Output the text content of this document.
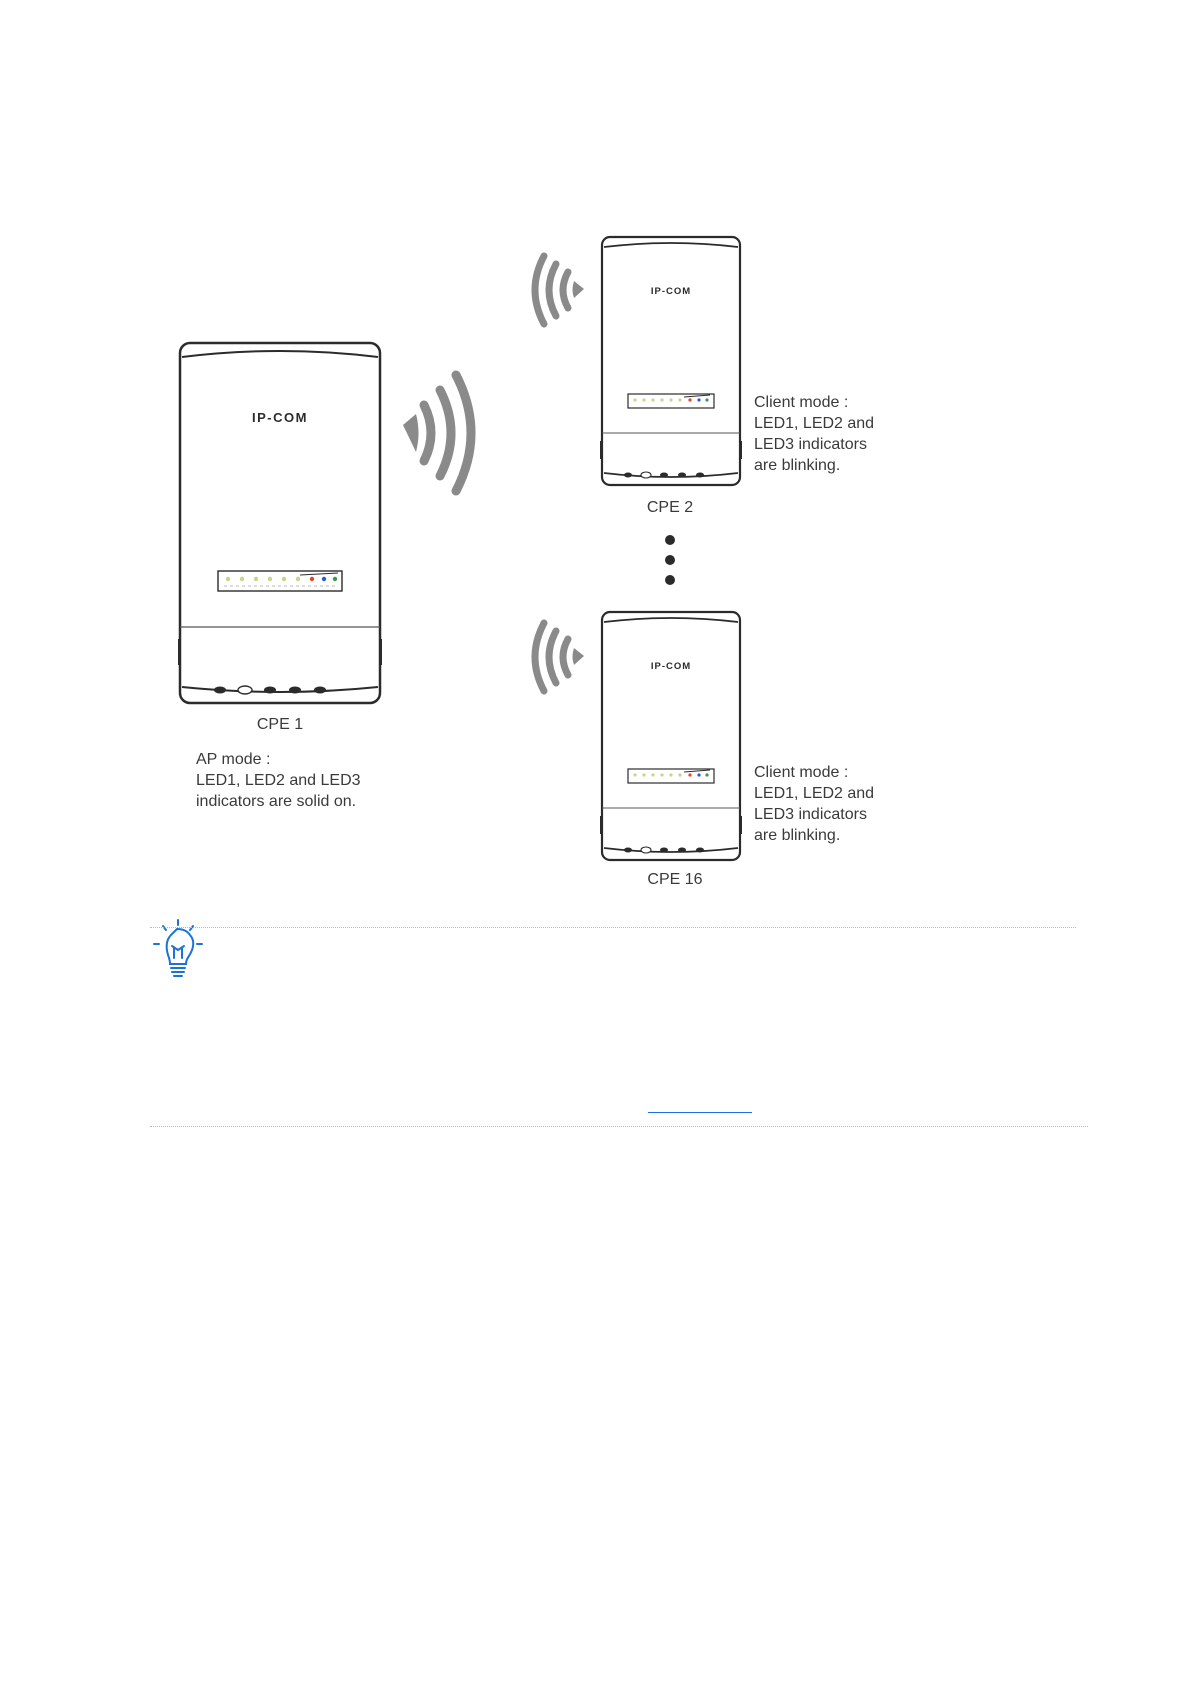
IP-COM
IP-COM
IP-COM
CPE 1
AP mode :
LED1, LED2 and LED3
indicators are solid on.
CPE 2
Client mode :
LED1, LED2 and
LED3 indicators
are blinking.
CPE 16
Client mode :
LED1, LED2 and
LED3 indicators
are blinking.
